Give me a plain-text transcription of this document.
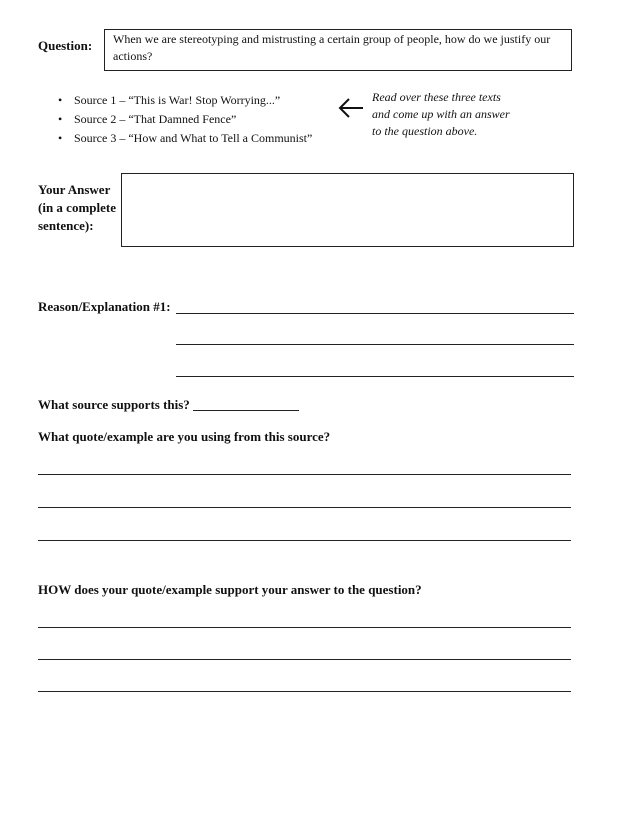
Question:	When we are stereotyping and mistrusting a certain group of people, how do we justify our actions?
• Source 1 – “This is War! Stop Worrying...”
• Source 2 – “That Damned Fence”
• Source 3 – “How and What to Tell a Communist”
Read over these three texts and come up with an answer to the question above.
Your Answer (in a complete sentence):
Reason/Explanation #1:
What source supports this?
What quote/example are you using from this source?
HOW does your quote/example support your answer to the question?
